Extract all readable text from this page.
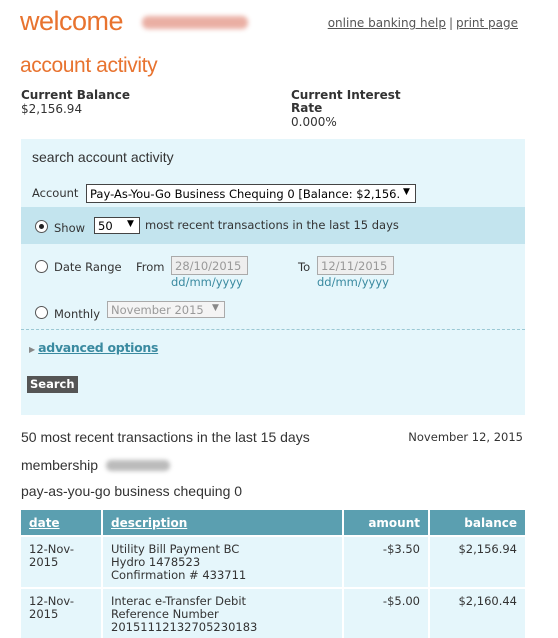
welcome	online banking help | print page
account activity
Current Balance
$2,156.94
Current Interest Rate
0.000%
search account activity
Account	Pay-As-You-Go Business Chequing 0 [Balance: $2,156. ▼
Show	50	▼ most recent transactions in the last 15 days
Date Range From 28/10/2015
dd/mm/yyyy
To 12/11/2015
dd/mm/yyyy
Monthly November 2015 ▼
▶ advanced options
Search
50 most recent transactions in the last 15 days	November 12, 2015
membership
pay-as-you-go business chequing 0
date	description	amount	balance

12-Nov-
2015	Utility Bill Payment BC
Hydro 1478523
Confirmation # 433711	-$3.50	$2,156.94

12-Nov-
2015	Interac e-Transfer Debit
Reference Number
20151112132705230183	-$5.00	$2,160.44
